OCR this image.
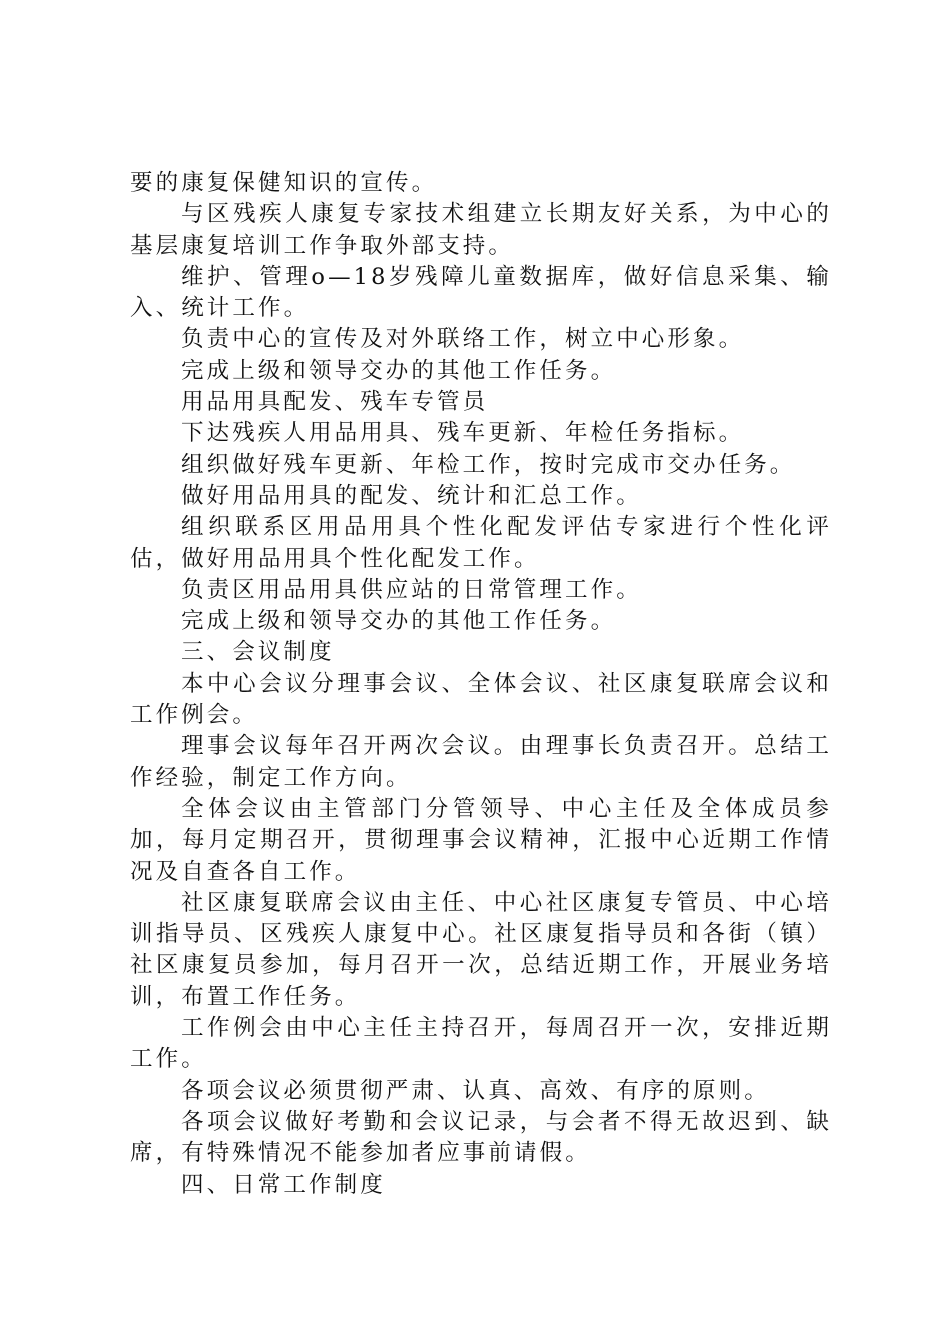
要的康复保健知识的宣传。

与区残疾人康复专家技术组建立长期友好关系，为中心的基层康复培训工作争取外部支持。

维护、管理o—18岁残障儿童数据库，做好信息采集、输入、统计工作。

负责中心的宣传及对外联络工作，树立中心形象。

完成上级和领导交办的其他工作任务。

用品用具配发、残车专管员

下达残疾人用品用具、残车更新、年检任务指标。

组织做好残车更新、年检工作，按时完成市交办任务。

做好用品用具的配发、统计和汇总工作。

组织联系区用品用具个性化配发评估专家进行个性化评估，做好用品用具个性化配发工作。

负责区用品用具供应站的日常管理工作。

完成上级和领导交办的其他工作任务。

三、会议制度

本中心会议分理事会议、全体会议、社区康复联席会议和工作例会。

理事会议每年召开两次会议。由理事长负责召开。总结工作经验，制定工作方向。

全体会议由主管部门分管领导、中心主任及全体成员参加，每月定期召开，贯彻理事会议精神，汇报中心近期工作情况及自查各自工作。

社区康复联席会议由主任、中心社区康复专管员、中心培训指导员、区残疾人康复中心。社区康复指导员和各街（镇）社区康复员参加，每月召开一次，总结近期工作，开展业务培训，布置工作任务。

工作例会由中心主任主持召开，每周召开一次，安排近期工作。

各项会议必须贯彻严肃、认真、高效、有序的原则。

各项会议做好考勤和会议记录，与会者不得无故迟到、缺席，有特殊情况不能参加者应事前请假。

四、日常工作制度
